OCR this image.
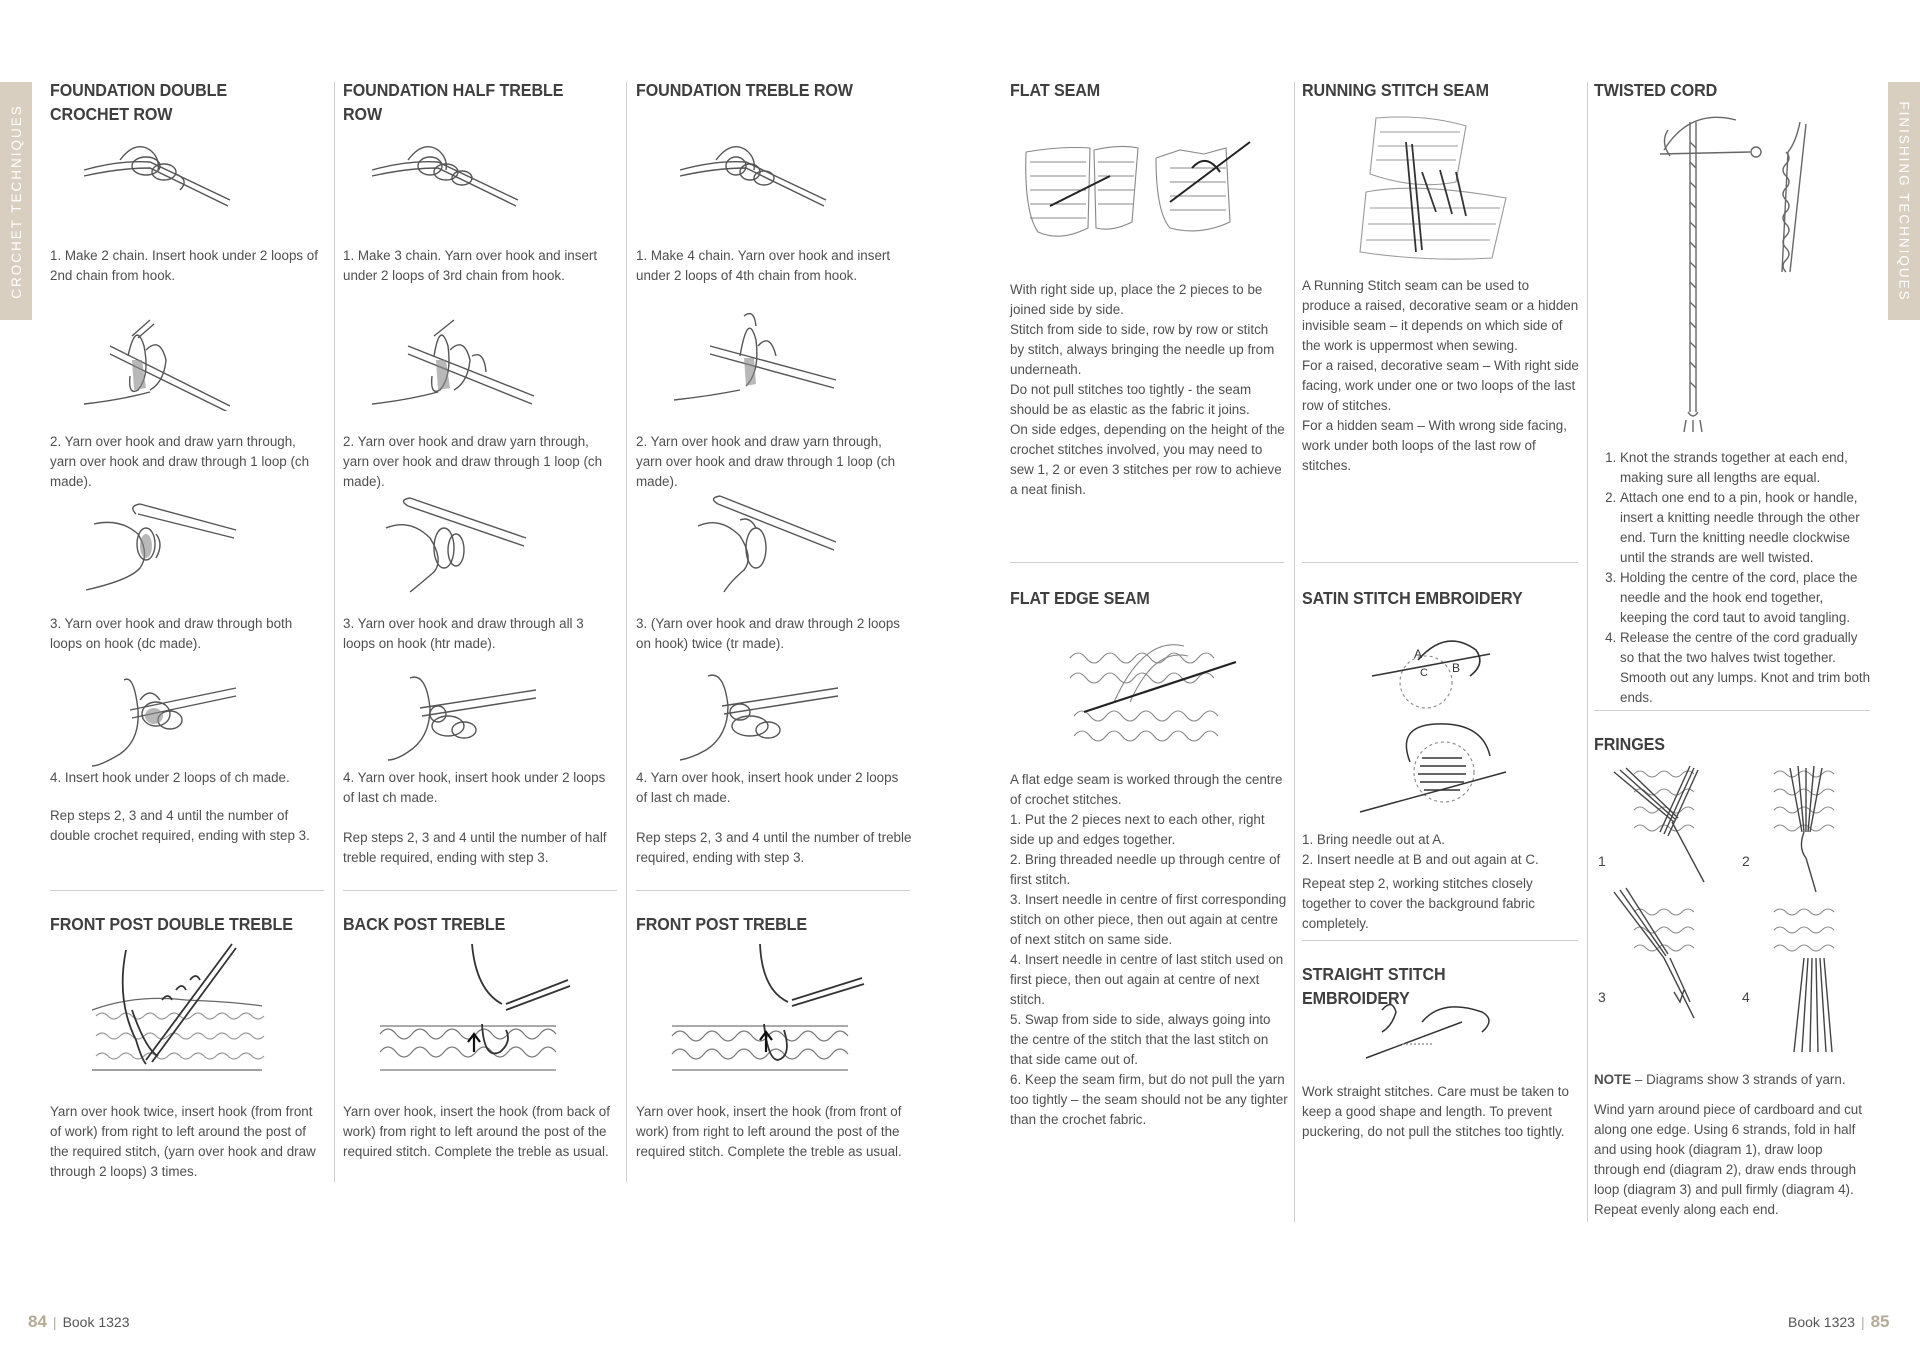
CROCHET TECHNIQUES	FINISHING TECHNIQUES
FOUNDATION DOUBLE CROCHET ROW
1. Make 2 chain. Insert hook under 2 loops of 2nd chain from hook.
2. Yarn over hook and draw yarn through, yarn over hook and draw through 1 loop (ch made).
3. Yarn over hook and draw through both loops on hook (dc made).
4. Insert hook under 2 loops of ch made.
Rep steps 2, 3 and 4 until the number of double crochet required, ending with step 3.
FOUNDATION HALF TREBLE ROW
1. Make 3 chain. Yarn over hook and insert under 2 loops of 3rd chain from hook.
2. Yarn over hook and draw yarn through, yarn over hook and draw through 1 loop (ch made).
3. Yarn over hook and draw through all 3 loops on hook (htr made).
4. Yarn over hook, insert hook under 2 loops of last ch made.
Rep steps 2, 3 and 4 until the number of half treble required, ending with step 3.
FOUNDATION TREBLE ROW
1. Make 4 chain. Yarn over hook and insert under 2 loops of 4th chain from hook.
2. Yarn over hook and draw yarn through, yarn over hook and draw through 1 loop (ch made).
3. (Yarn over hook and draw through 2 loops on hook) twice (tr made).
4. Yarn over hook, insert hook under 2 loops of last ch made.
Rep steps 2, 3 and 4 until the number of treble required, ending with step 3.
FRONT POST DOUBLE TREBLE
Yarn over hook twice, insert hook (from front of work) from right to left around the post of the required stitch, (yarn over hook and draw through 2 loops) 3 times.
BACK POST TREBLE
Yarn over hook, insert the hook (from back of work) from right to left around the post of the required stitch. Complete the treble as usual.
FRONT POST TREBLE
Yarn over hook, insert the hook (from front of work) from right to left around the post of the required stitch. Complete the treble as usual.
FLAT SEAM
With right side up, place the 2 pieces to be joined side by side.
Stitch from side to side, row by row or stitch by stitch, always bringing the needle up from underneath.
Do not pull stitches too tightly - the seam should be as elastic as the fabric it joins.
On side edges, depending on the height of the crochet stitches involved, you may need to sew 1, 2 or even 3 stitches per row to achieve a neat finish.
FLAT EDGE SEAM
A flat edge seam is worked through the centre of crochet stitches.
1. Put the 2 pieces next to each other, right side up and edges together.
2. Bring threaded needle up through centre of first stitch.
3. Insert needle in centre of first corresponding stitch on other piece, then out again at centre of next stitch on same side.
4. Insert needle in centre of last stitch used on first piece, then out again at centre of next stitch.
5. Swap from side to side, always going into the centre of the stitch that the last stitch on that side came out of.
6. Keep the seam firm, but do not pull the yarn too tightly – the seam should not be any tighter than the crochet fabric.
RUNNING STITCH SEAM
A Running Stitch seam can be used to produce a raised, decorative seam or a hidden invisible seam – it depends on which side of the work is uppermost when sewing.
For a raised, decorative seam – With right side facing, work under one or two loops of the last row of stitches.
For a hidden seam – With wrong side facing, work under both loops of the last row of stitches.
SATIN STITCH EMBROIDERY
A
C B
1. Bring needle out at A.
2. Insert needle at B and out again at C.
Repeat step 2, working stitches closely together to cover the background fabric completely.
STRAIGHT STITCH EMBROIDERY
Work straight stitches. Care must be taken to keep a good shape and length. To prevent puckering, do not pull the stitches too tightly.
TWISTED CORD
1. Knot the strands together at each end, making sure all lengths are equal.
2. Attach one end to a pin, hook or handle, insert a knitting needle through the other end. Turn the knitting needle clockwise until the strands are well twisted.
3. Holding the centre of the cord, place the needle and the hook end together, keeping the cord taut to avoid tangling.
4. Release the centre of the cord gradually so that the two halves twist together. Smooth out any lumps. Knot and trim both ends.
FRINGES
1	2
3	4
NOTE – Diagrams show 3 strands of yarn.
Wind yarn around piece of cardboard and cut along one edge. Using 6 strands, fold in half and using hook (diagram 1), draw loop through end (diagram 2), draw ends through loop (diagram 3) and pull firmly (diagram 4). Repeat evenly along each end.
84 | Book 1323	Book 1323 | 85
